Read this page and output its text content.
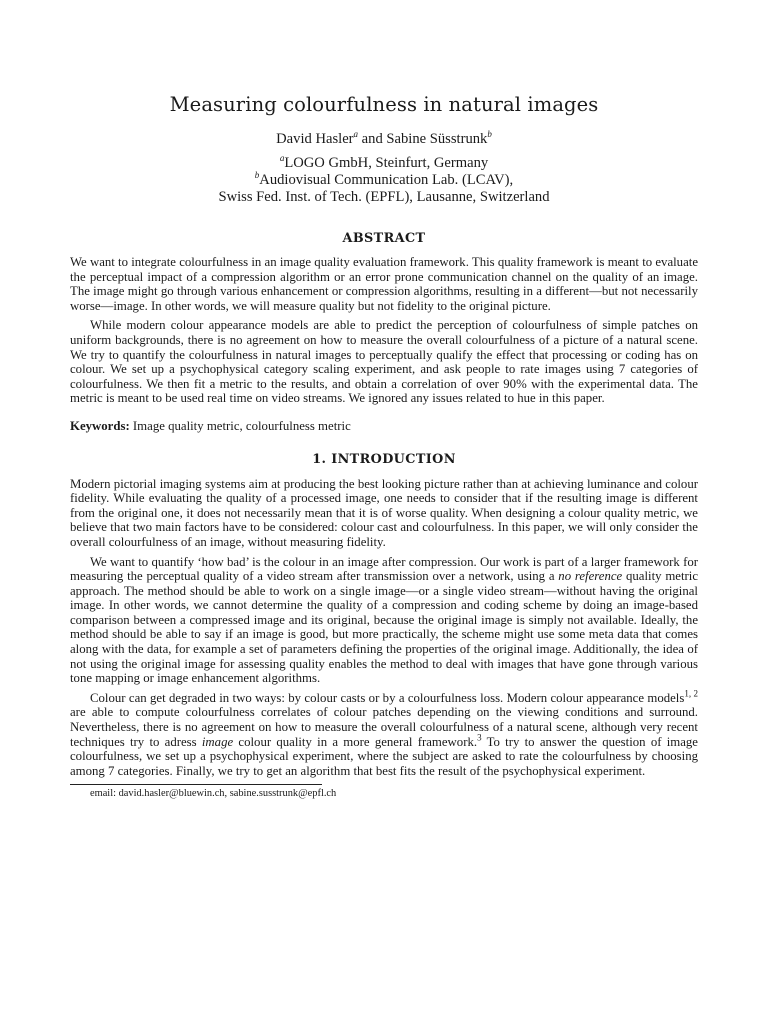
Measuring colourfulness in natural images
David Hasler$^a$ and Sabine Süsstrunk$^b$

$^a$LOGO GmbH, Steinfurt, Germany

$^b$Audiovisual Communication Lab. (LCAV),

Swiss Fed. Inst. of Tech. (EPFL), Lausanne, Switzerland

ABSTRACT

We want to integrate colourfulness in an image quality evaluation framework. This quality framework is meant to evaluate the perceptual impact of a compression algorithm or an error prone communication channel on the quality of an image. The image might go through various enhancement or compression algorithms, resulting in a different—but not necessarily worse—image. In other words, we will measure quality but not fidelity to the original picture.

While modern colour appearance models are able to predict the perception of colourfulness of simple patches on uniform backgrounds, there is no agreement on how to measure the overall colourfulness of a picture of a natural scene. We try to quantify the colourfulness in natural images to perceptually qualify the effect that processing or coding has on colour. We set up a psychophysical category scaling experiment, and ask people to rate images using 7 categories of colourfulness. We then fit a metric to the results, and obtain a correlation of over 90% with the experimental data. The metric is meant to be used real time on video streams. We ignored any issues related to hue in this paper.

Keywords: Image quality metric, colourfulness metric
1. INTRODUCTION

Modern pictorial imaging systems aim at producing the best looking picture rather than at achieving luminance and colour fidelity. While evaluating the quality of a processed image, one needs to consider that if the resulting image is different from the original one, it does not necessarily mean that it is of worse quality. When designing a colour quality metric, we believe that two main factors have to be considered: colour cast and colourfulness. In this paper, we will only consider the overall colourfulness of an image, without measuring fidelity.

We want to quantify ‘how bad’ is the colour in an image after compression. Our work is part of a larger framework for measuring the perceptual quality of a video stream after transmission over a network, using a no reference quality metric approach. The method should be able to work on a single image—or a single video stream—without having the original image. In other words, we cannot determine the quality of a compression and coding scheme by doing an image-based comparison between a compressed image and its original, because the original image is simply not available. Ideally, the method should be able to say if an image is good, but more practically, the scheme might use some meta data that comes along with the data, for example a set of parameters defining the properties of the original image. Additionally, the idea of not using the original image for assessing quality enables the method to deal with images that have gone through various tone mapping or image enhancement algorithms.

Colour can get degraded in two ways: by colour casts or by a colourfulness loss. Modern colour appearance models$^{1, 2}$ are able to compute colourfulness correlates of colour patches depending on the viewing conditions and surround. Nevertheless, there is no agreement on how to measure the overall colourfulness of a natural scene, although very recent techniques try to adress image colour quality in a more general framework.$^3$ To try to answer the question of image colourfulness, we set up a psychophysical experiment, where the subject are asked to rate the colourfulness by choosing among 7 categories. Finally, we try to get an algorithm that best fits the result of the psychophysical experiment.

email: david.hasler@bluewin.ch, sabine.susstrunk@epfl.ch
